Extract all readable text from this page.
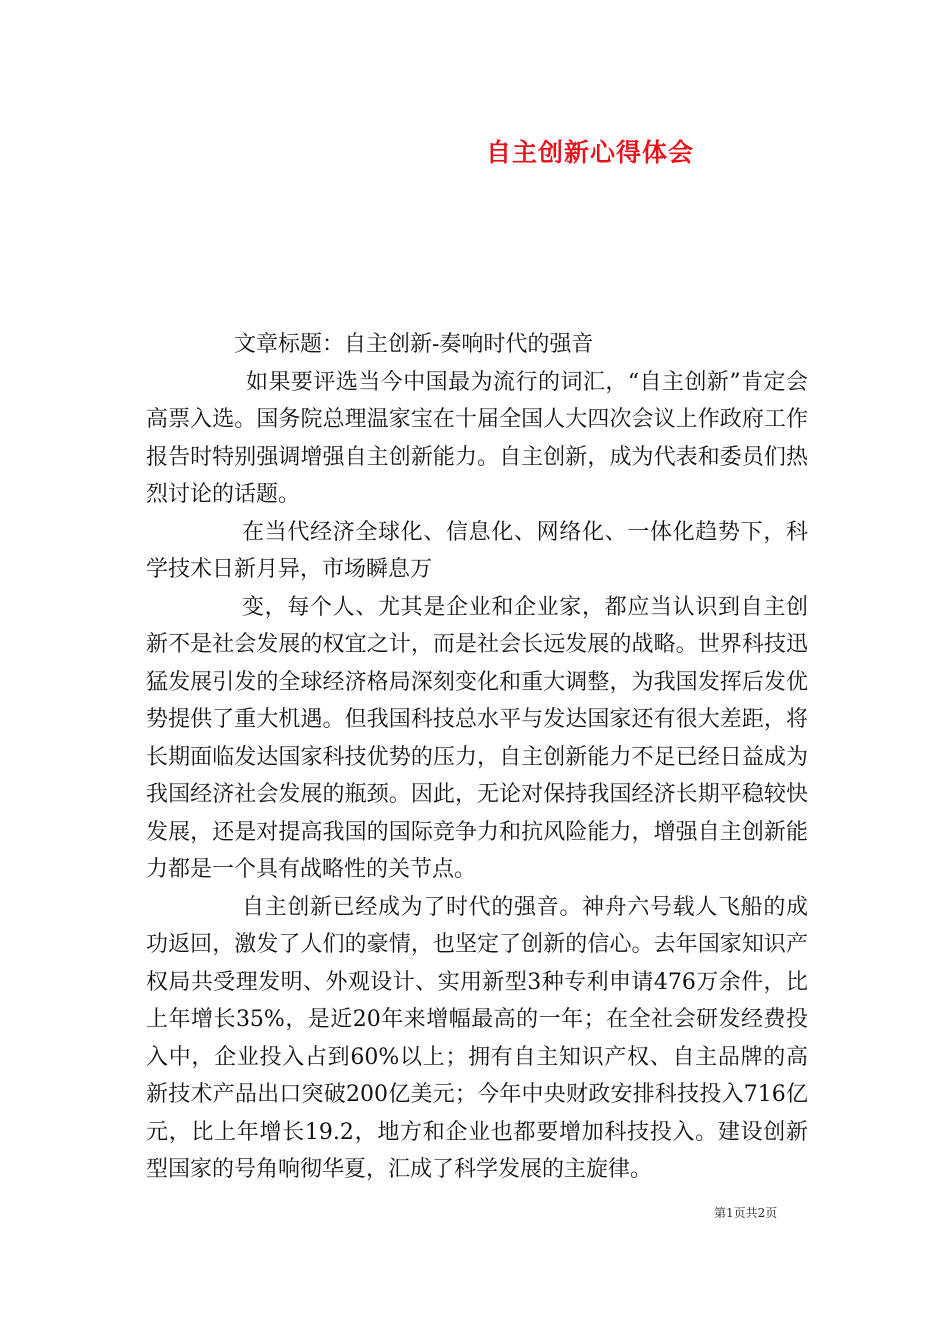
自主创新心得体会

文章标题：自主创新-奏响时代的强音

如果要评选当今中国最为流行的词汇，“自主创新”肯定会高票入选。国务院总理温家宝在十届全国人大四次会议上作政府工作报告时特别强调增强自主创新能力。自主创新，成为代表和委员们热烈讨论的话题。

在当代经济全球化、信息化、网络化、一体化趋势下，科学技术日新月异，市场瞬息万

变，每个人、尤其是企业和企业家，都应当认识到自主创新不是社会发展的权宜之计，而是社会长远发展的战略。世界科技迅猛发展引发的全球经济格局深刻变化和重大调整，为我国发挥后发优势提供了重大机遇。但我国科技总水平与发达国家还有很大差距，将长期面临发达国家科技优势的压力，自主创新能力不足已经日益成为我国经济社会发展的瓶颈。因此，无论对保持我国经济长期平稳较快发展，还是对提高我国的国际竞争力和抗风险能力，增强自主创新能力都是一个具有战略性的关节点。

自主创新已经成为了时代的强音。神舟六号载人飞船的成功返回，激发了人们的豪情，也坚定了创新的信心。去年国家知识产权局共受理发明、外观设计、实用新型3种专利申请476万余件，比上年增长35%，是近20年来增幅最高的一年；在全社会研发经费投入中，企业投入占到60%以上；拥有自主知识产权、自主品牌的高新技术产品出口突破200亿美元；今年中央财政安排科技投入716亿元，比上年增长19.2，地方和企业也都要增加科技投入。建设创新型国家的号角响彻华夏，汇成了科学发展的主旋律。

第1页共2页
